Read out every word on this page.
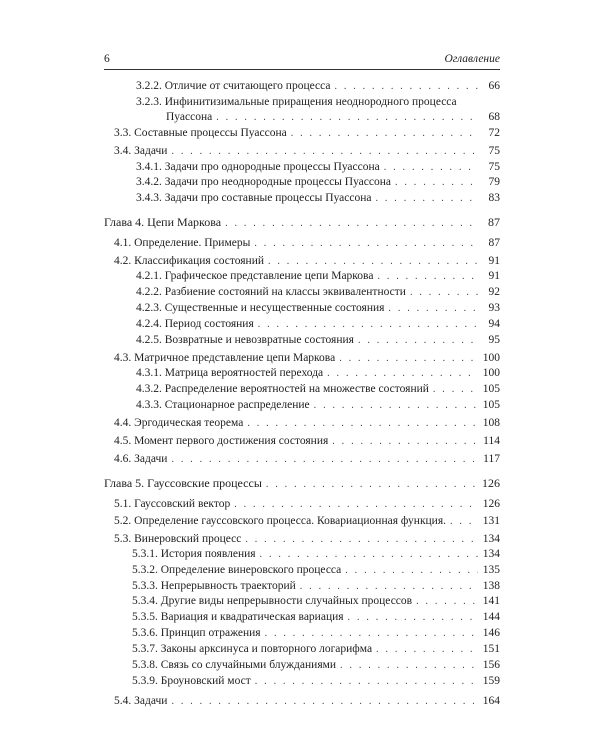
6	Оглавление
3.2.2. Отличие от считающего процесса . . .	66
3.2.3. Инфинитизимальные приращения неоднородного процесса
Пуассона . . .	68
3.3. Составные процессы Пуассона . . .	72
3.4. Задачи . . .	75
3.4.1. Задачи про однородные процессы Пуассона . . .	75
3.4.2. Задачи про неоднородные процессы Пуассона . . .	79
3.4.3. Задачи про составные процессы Пуассона . . .	83
Глава 4. Цепи Маркова . . .	87
4.1. Определение. Примеры . . .	87
4.2. Классификация состояний . . .	91
4.2.1. Графическое представление цепи Маркова . . .	91
4.2.2. Разбиение состояний на классы эквивалентности . . .	92
4.2.3. Существенные и несущественные состояния . . .	93
4.2.4. Период состояния . . .	94
4.2.5. Возвратные и невозвратные состояния . . .	95
4.3. Матричное представление цепи Маркова . . .	100
4.3.1. Матрица вероятностей перехода . . .	100
4.3.2. Распределение вероятностей на множестве состояний . . .	105
4.3.3. Стационарное распределение . . .	105
4.4. Эргодическая теорема . . .	108
4.5. Момент первого достижения состояния . . .	114
4.6. Задачи . . .	117
Глава 5. Гауссовские процессы . . .	126
5.1. Гауссовский вектор . . .	126
5.2. Определение гауссовского процесса. Ковариационная функция. . . .	131
5.3. Винеровский процесс . . .	134
5.3.1. История появления . . .	134
5.3.2. Определение винеровского процесса . . .	135
5.3.3. Непрерывность траекторий . . .	138
5.3.4. Другие виды непрерывности случайных процессов . . .	141
5.3.5. Вариация и квадратическая вариация . . .	144
5.3.6. Принцип отражения . . .	146
5.3.7. Законы арксинуса и повторного логарифма . . .	151
5.3.8. Связь со случайными блужданиями . . .	156
5.3.9. Броуновский мост . . .	159
5.4. Задачи . . .	164
